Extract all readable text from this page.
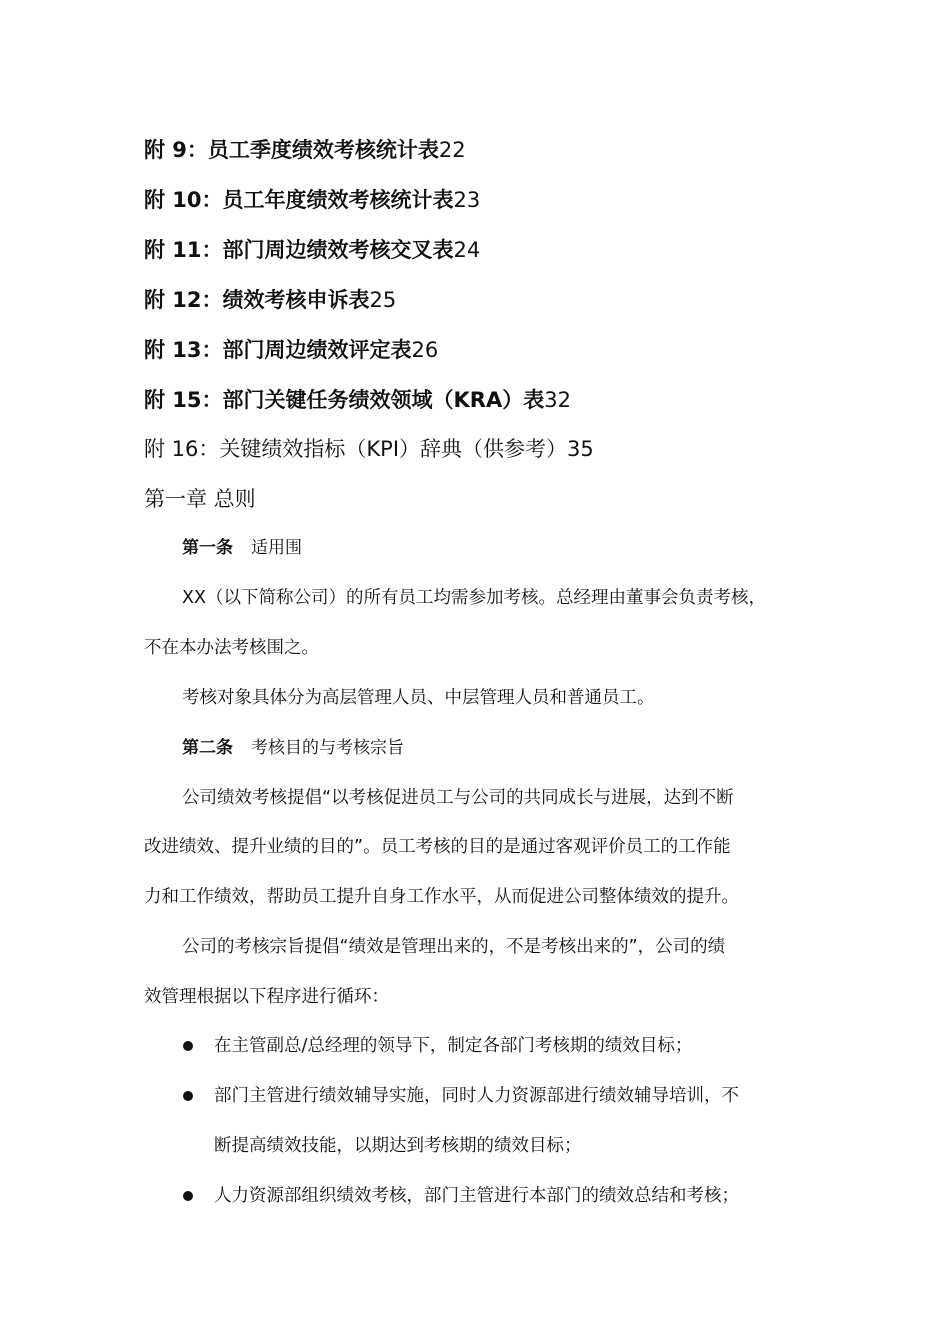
附 9：员工季度绩效考核统计表22
附 10：员工年度绩效考核统计表23
附 11：部门周边绩效考核交叉表24
附 12：绩效考核申诉表25
附 13：部门周边绩效评定表26
附 15：部门关键任务绩效领域（KRA）表32
附 16：关键绩效指标（KPI）辞典（供参考）35
第一章 总则
第一条 适用围
XX（以下简称公司）的所有员工均需参加考核。总经理由董事会负责考核，
不在本办法考核围之。
考核对象具体分为高层管理人员、中层管理人员和普通员工。
第二条 考核目的与考核宗旨
公司绩效考核提倡“以考核促进员工与公司的共同成长与进展，达到不断
改进绩效、提升业绩的目的”。员工考核的目的是通过客观评价员工的工作能
力和工作绩效，帮助员工提升自身工作水平，从而促进公司整体绩效的提升。
公司的考核宗旨提倡“绩效是管理出来的，不是考核出来的”，公司的绩
效管理根据以下程序进行循环：
在主管副总/总经理的领导下，制定各部门考核期的绩效目标；
部门主管进行绩效辅导实施，同时人力资源部进行绩效辅导培训，不
断提高绩效技能，以期达到考核期的绩效目标；
人力资源部组织绩效考核，部门主管进行本部门的绩效总结和考核；
